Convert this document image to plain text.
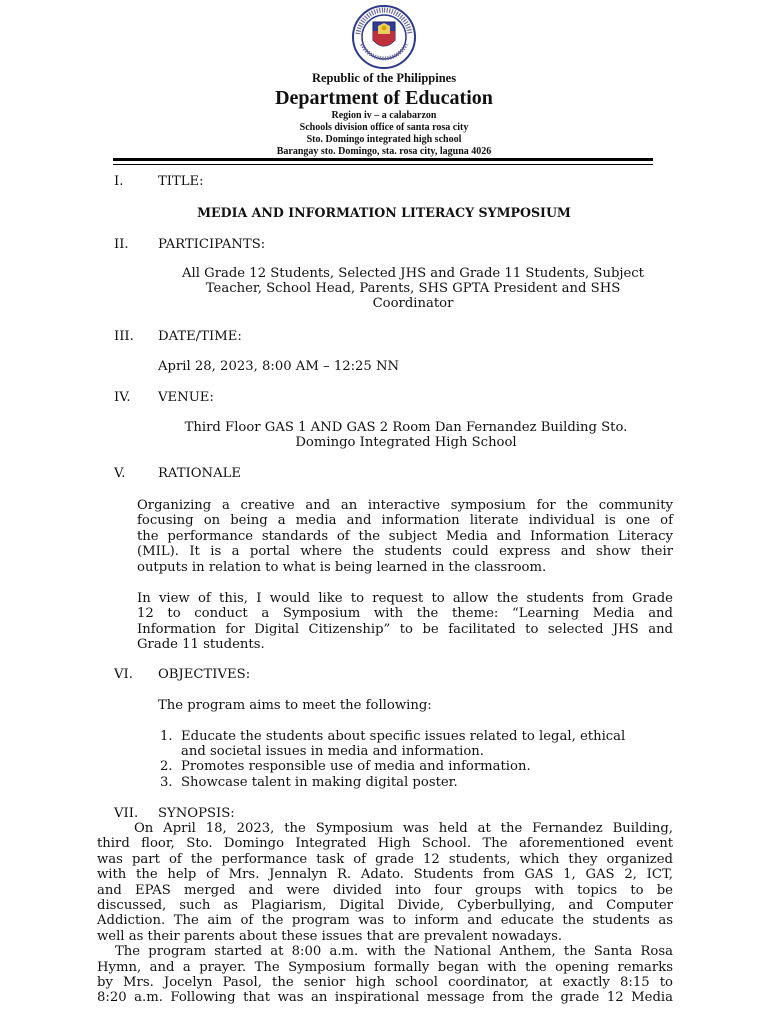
Republic of the Philippines
Department of Education
Region iv – a calabarzon
Schools division office of santa rosa city
Sto. Domingo integrated high school
Barangay sto. Domingo, sta. rosa city, laguna 4026
I.	TITLE:
MEDIA AND INFORMATION LITERACY SYMPOSIUM
II. PARTICIPANTS:
All Grade 12 Students, Selected JHS and Grade 11 Students, Subject
Teacher, School Head, Parents, SHS GPTA President and SHS
Coordinator
III. DATE/TIME:
April 28, 2023, 8:00 AM – 12:25 NN
IV. VENUE:
Third Floor GAS 1 AND GAS 2 Room Dan Fernandez Building Sto.
Domingo Integrated High School
V. RATIONALE
Organizing a creative and an interactive symposium for the community
focusing on being a media and information literate individual is one of
the performance standards of the subject Media and Information Literacy
(MIL). It is a portal where the students could express and show their
outputs in relation to what is being learned in the classroom.
In view of this, I would like to request to allow the students from Grade
12 to conduct a Symposium with the theme: “Learning Media and
Information for Digital Citizenship” to be facilitated to selected JHS and
Grade 11 students.
VI. OBJECTIVES:
The program aims to meet the following:
1. Educate the students about specific issues related to legal, ethical
and societal issues in media and information.
2. Promotes responsible use of media and information.
3. Showcase talent in making digital poster.
VII. SYNOPSIS:
On April 18, 2023, the Symposium was held at the Fernandez Building,
third floor, Sto. Domingo Integrated High School. The aforementioned event
was part of the performance task of grade 12 students, which they organized
with the help of Mrs. Jennalyn R. Adato. Students from GAS 1, GAS 2, ICT,
and EPAS merged and were divided into four groups with topics to be
discussed, such as Plagiarism, Digital Divide, Cyberbullying, and Computer
Addiction. The aim of the program was to inform and educate the students as
well as their parents about these issues that are prevalent nowadays.
The program started at 8:00 a.m. with the National Anthem, the Santa Rosa
Hymn, and a prayer. The Symposium formally began with the opening remarks
by Mrs. Jocelyn Pasol, the senior high school coordinator, at exactly 8:15 to
8:20 a.m. Following that was an inspirational message from the grade 12 Media
